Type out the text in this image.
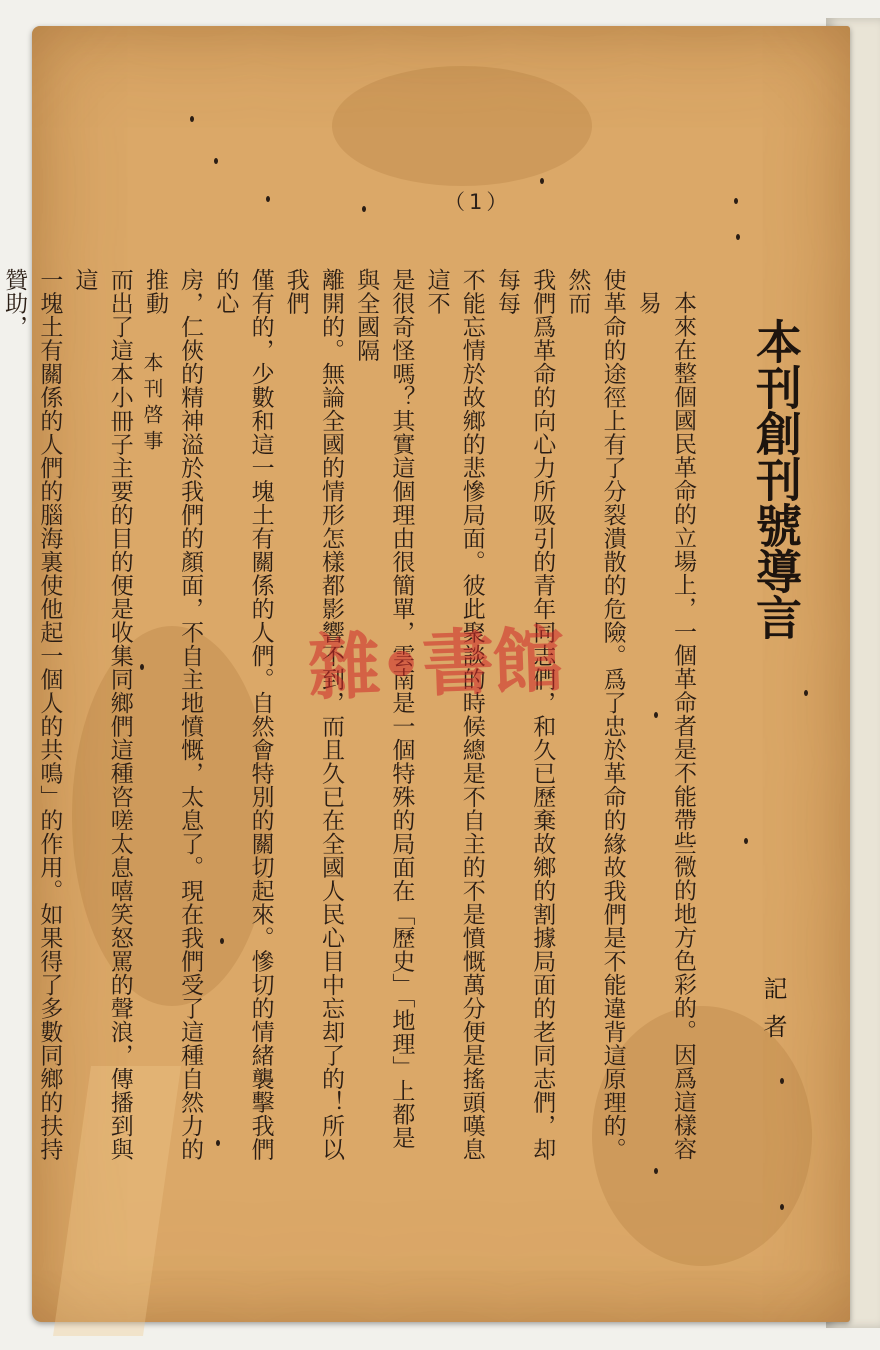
（1）
本刊創刊號導言
記者

本來在整個國民革命的立場上，一個革命者是不能帶些微的地方色彩的。因爲這樣容易

使革命的途徑上有了分裂潰散的危險。爲了忠於革命的緣故我們是不能違背這原理的。然而

我們爲革命的向心力所吸引的青年同志們，和久已歷棄故鄉的割據局面的老同志們，却每每

不能忘情於故鄉的悲慘局面。彼此聚談的時候總是不自主的不是憤慨萬分便是搖頭嘆息這不

是很奇怪嗎？其實這個理由很簡單，雲南是一個特殊的局面在「歷史」「地理」上都是與全國隔

離開的。無論全國的情形怎樣都影響不到，而且久已在全國人民心目中忘却了的！所以我們

僅有的，少數和這一塊土有關係的人們。自然會特別的關切起來。慘切的情緒襲擊我們的心

房，仁俠的精神溢於我們的顏面，不自主地憤慨，太息了。現在我們受了這種自然力的推動

而出了這本小冊子主要的目的便是收集同鄉們這種咨嗟太息嘻笑怒罵的聲浪，傳播到與這

一塊土有關係的人們的腦海裏使他起一個人的共鳴」的作用。如果得了多數同鄉的扶持贊助，

本刊啓事
雜•書館
